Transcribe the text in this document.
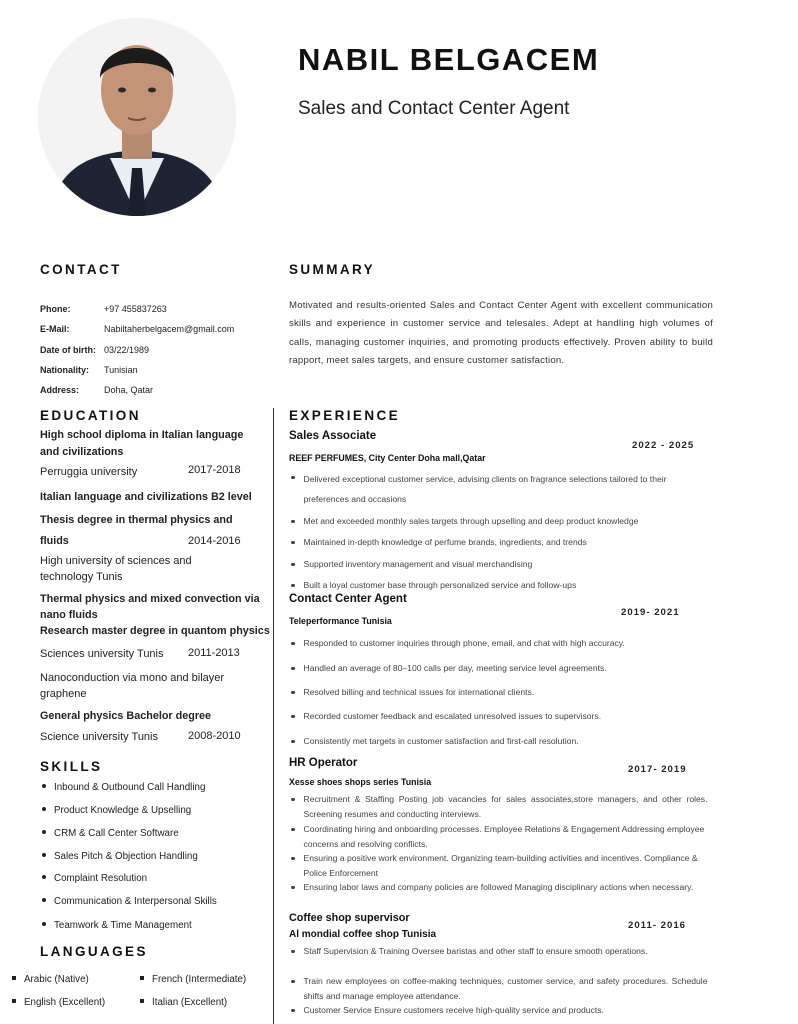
NABIL BELGACEM
Sales and Contact Center Agent
CONTACT
Phone:	+97 455837263
E-Mail:	Nabiltaherbelgacem@gmail.com
Date of birth: 03/22/1989
Nationality: Tunisian
Address:	Doha, Qatar
SUMMARY
Motivated and results-oriented Sales and Contact Center Agent with excellent communication skills and experience in customer service and telesales. Adept at handling high volumes of calls, managing customer inquiries, and promoting products effectively. Proven ability to build rapport, meet sales targets, and ensure customer satisfaction.
EDUCATION
High school diploma in Italian language
and civilizations
Perruggia university	2017-2018
Italian language and civilizations B2 level
Thesis degree in thermal physics and
fluids	2014-2016
High university of sciences and
technology Tunis
Thermal physics and mixed convection via
nano fluids
Research master degree in quantom physics
Sciences university Tunis 2011-2013
Nanoconduction via mono and bilayer
graphene
General physics Bachelor degree
Science university Tunis	2008-2010
SKILLS
Inbound & Outbound Call Handling
Product Knowledge & Upselling
CRM & Call Center Software
Sales Pitch & Objection Handling
Complaint Resolution
Communication & Interpersonal Skills
Teamwork & Time Management
LANGUAGES
Arabic (Native)	French (Intermediate)
English (Excellent)	Italian (Excellent)
EXPERIENCE
Sales Associate
2022 - 2025
REEF PERFUMES, City Center Doha mall,Qatar
Delivered exceptional customer service, advising clients on fragrance selections tailored to their preferences and occasions
Met and exceeded monthly sales targets through upselling and deep product knowledge
Maintained in-depth knowledge of perfume brands, ingredients, and trends
Supported inventory management and visual merchandising
Built a loyal customer base through personalized service and follow-ups
Contact Center Agent
2019- 2021
Teleperformance Tunisia
Responded to customer inquiries through phone, email, and chat with high accuracy.
Handled an average of 80–100 calls per day, meeting service level agreements.
Resolved billing and technical issues for international clients.
Recorded customer feedback and escalated unresolved issues to supervisors.
Consistently met targets in customer satisfaction and first-call resolution.
HR Operator
2017- 2019
Xesse shoes shops series Tunisia
Recruitment & Staffing Posting job vacancies for sales associates,store managers, and other roles. Screening resumes and conducting interviews.
Coordinating hiring and onboarding processes. Employee Relations & Engagement Addressing employee concerns and resolving conflicts.
Ensuring a positive work environment. Organizing team-building activities and incentives. Compliance & Police Enforcement
Ensuring labor laws and company policies are followed Managing disciplinary actions when necessary.
Coffee shop supervisor
2011- 2016
Al mondial coffee shop Tunisia
Staff Supervision & Training Oversee baristas and other staff to ensure smooth operations.
Train new employees on coffee-making techniques, customer service, and safety procedures. Schedule shifts and manage employee attendance.
Customer Service Ensure customers receive high-quality service and products.
